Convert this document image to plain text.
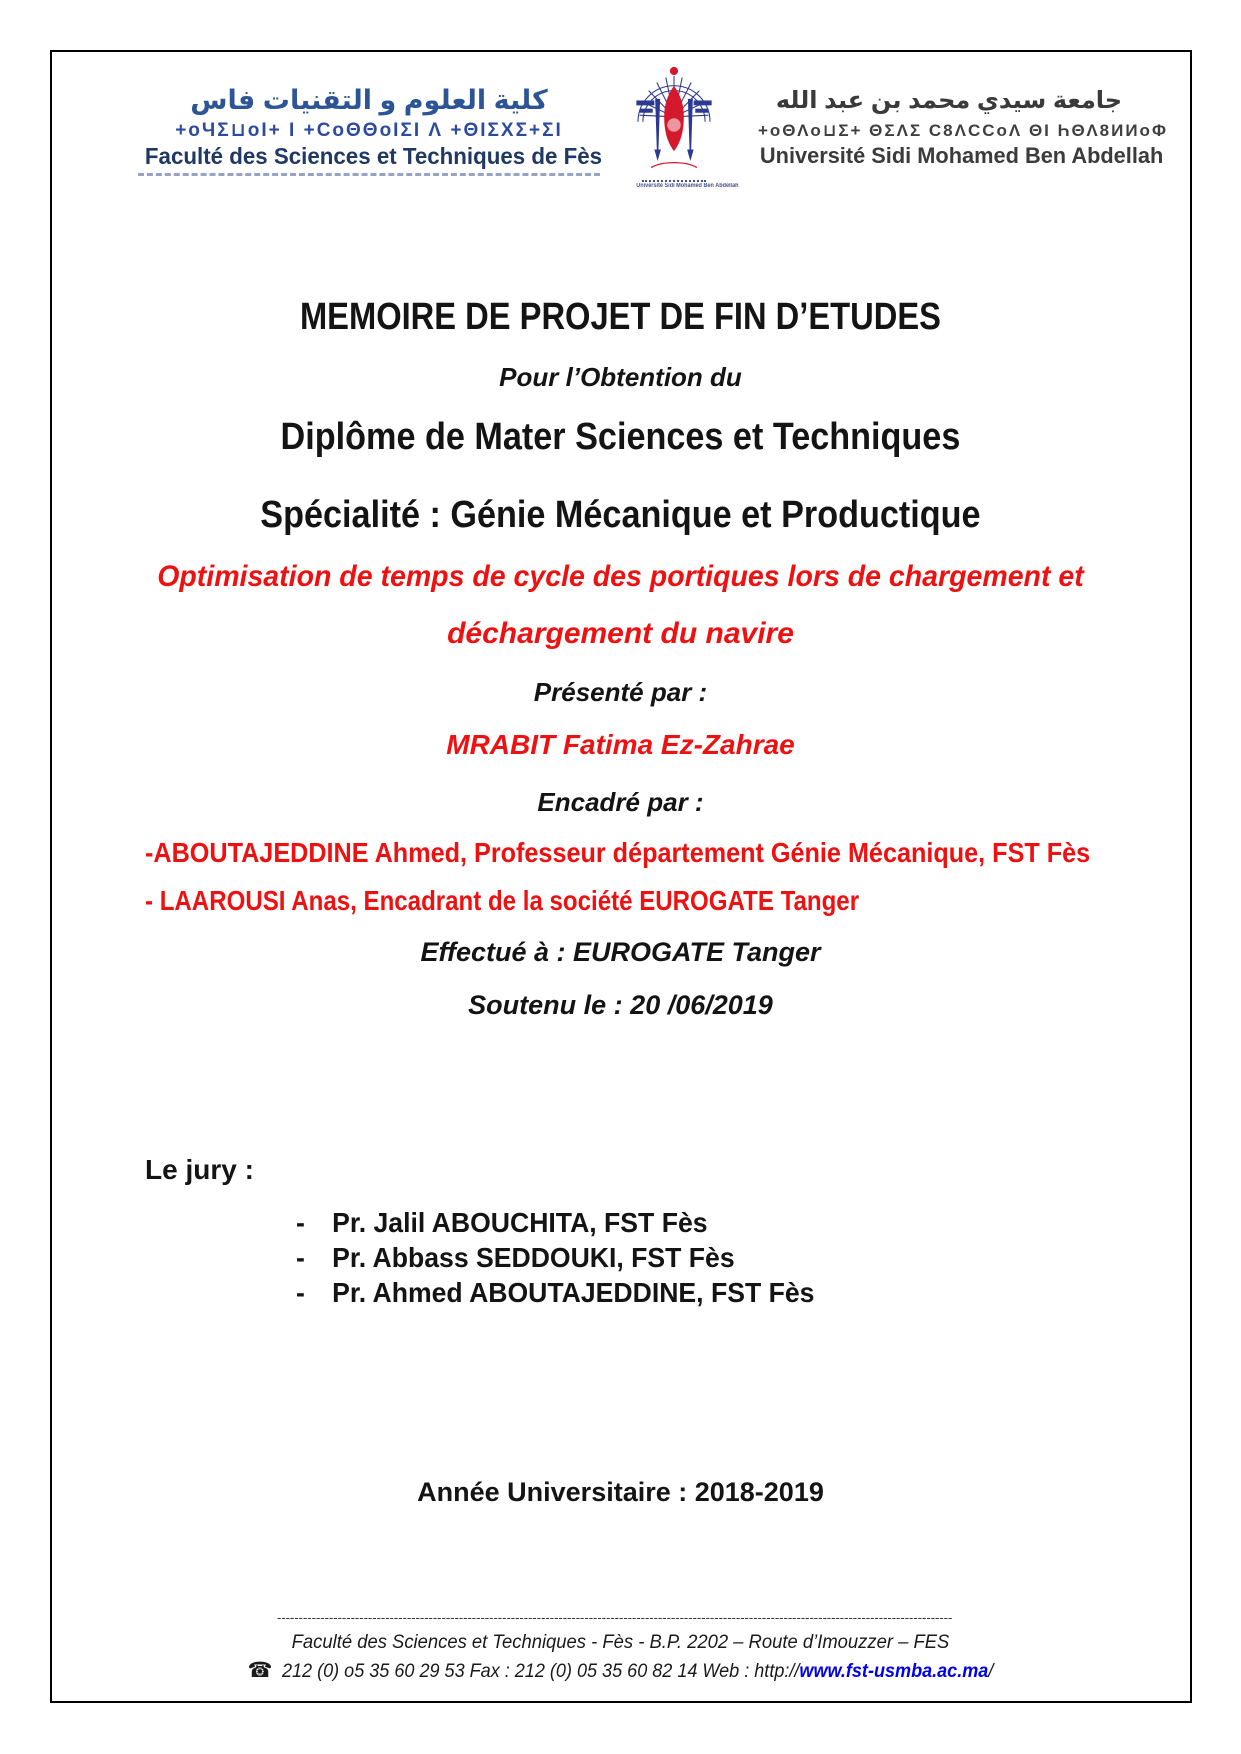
كلية العلوم و التقنيات فاس
+oЧΣ⊔oI+ I +CoΘΘoIΣI Λ +ΘIΣXΣ+ΣI
Faculté des Sciences et Techniques de Fès
Université Sidi Mohamed Ben Abdellah
جامعة سيدي محمد بن عبد الله
+oΘΛo⊔Σ+ ΘΣΛΣ C8ΛCCoΛ ΘI ҺΘΛ8ИИoΦ
Université Sidi Mohamed Ben Abdellah
MEMOIRE DE PROJET DE FIN D’ETUDES
Pour l’Obtention du
Diplôme de Mater Sciences et Techniques
Spécialité : Génie Mécanique et Productique
Optimisation de temps de cycle des portiques lors de chargement et
déchargement du navire
Présenté par :
MRABIT Fatima Ez-Zahrae
Encadré par :
-ABOUTAJEDDINE Ahmed, Professeur département Génie Mécanique, FST Fès
- LAAROUSI Anas, Encadrant de la société EUROGATE Tanger
Effectué à : EUROGATE Tanger
Soutenu le : 20 /06/2019
Le jury :
- Pr. Jalil ABOUCHITA, FST Fès
- Pr. Abbass SEDDOUKI, FST Fès
- Pr. Ahmed ABOUTAJEDDINE, FST Fès
Année Universitaire : 2018-2019
------------------------------------------------------------------------------------------------------------------------------------------------------------
Faculté des Sciences et Techniques - Fès - B.P. 2202 – Route d’Imouzzer – FES
☎ 212 (0) o5 35 60 29 53 Fax : 212 (0) 05 35 60 82 14 Web : http://www.fst-usmba.ac.ma/
